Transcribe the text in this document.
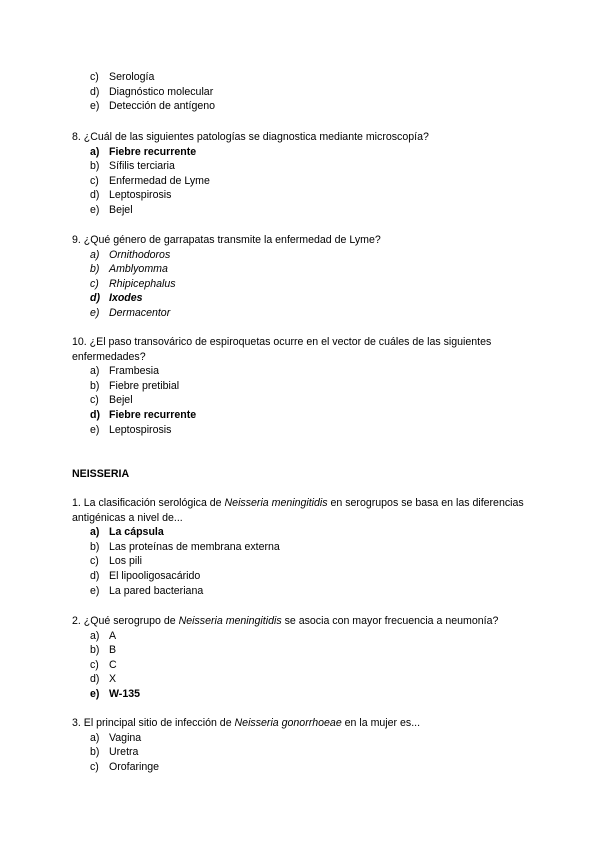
c) Serología
d) Diagnóstico molecular
e) Detección de antígeno
8. ¿Cuál de las siguientes patologías se diagnostica mediante microscopía?
a) Fiebre recurrente
b) Sífilis terciaria
c) Enfermedad de Lyme
d) Leptospirosis
e) Bejel
9. ¿Qué género de garrapatas transmite la enfermedad de Lyme?
a) Ornithodoros
b) Amblyomma
c) Rhipicephalus
d) Ixodes
e) Dermacentor
10. ¿El paso transovárico de espiroquetas ocurre en el vector de cuáles de las siguientes enfermedades?
a) Frambesia
b) Fiebre pretibial
c) Bejel
d) Fiebre recurrente
e) Leptospirosis
NEISSERIA
1. La clasificación serológica de Neisseria meningitidis en serogrupos se basa en las diferencias antigénicas a nivel de...
a) La cápsula
b) Las proteínas de membrana externa
c) Los pili
d) El lipooligosacárido
e) La pared bacteriana
2. ¿Qué serogrupo de Neisseria meningitidis se asocia con mayor frecuencia a neumonía?
a) A
b) B
c) C
d) X
e) W-135
3. El principal sitio de infección de Neisseria gonorrhoeae en la mujer es...
a) Vagina
b) Uretra
c) Orofaringe
